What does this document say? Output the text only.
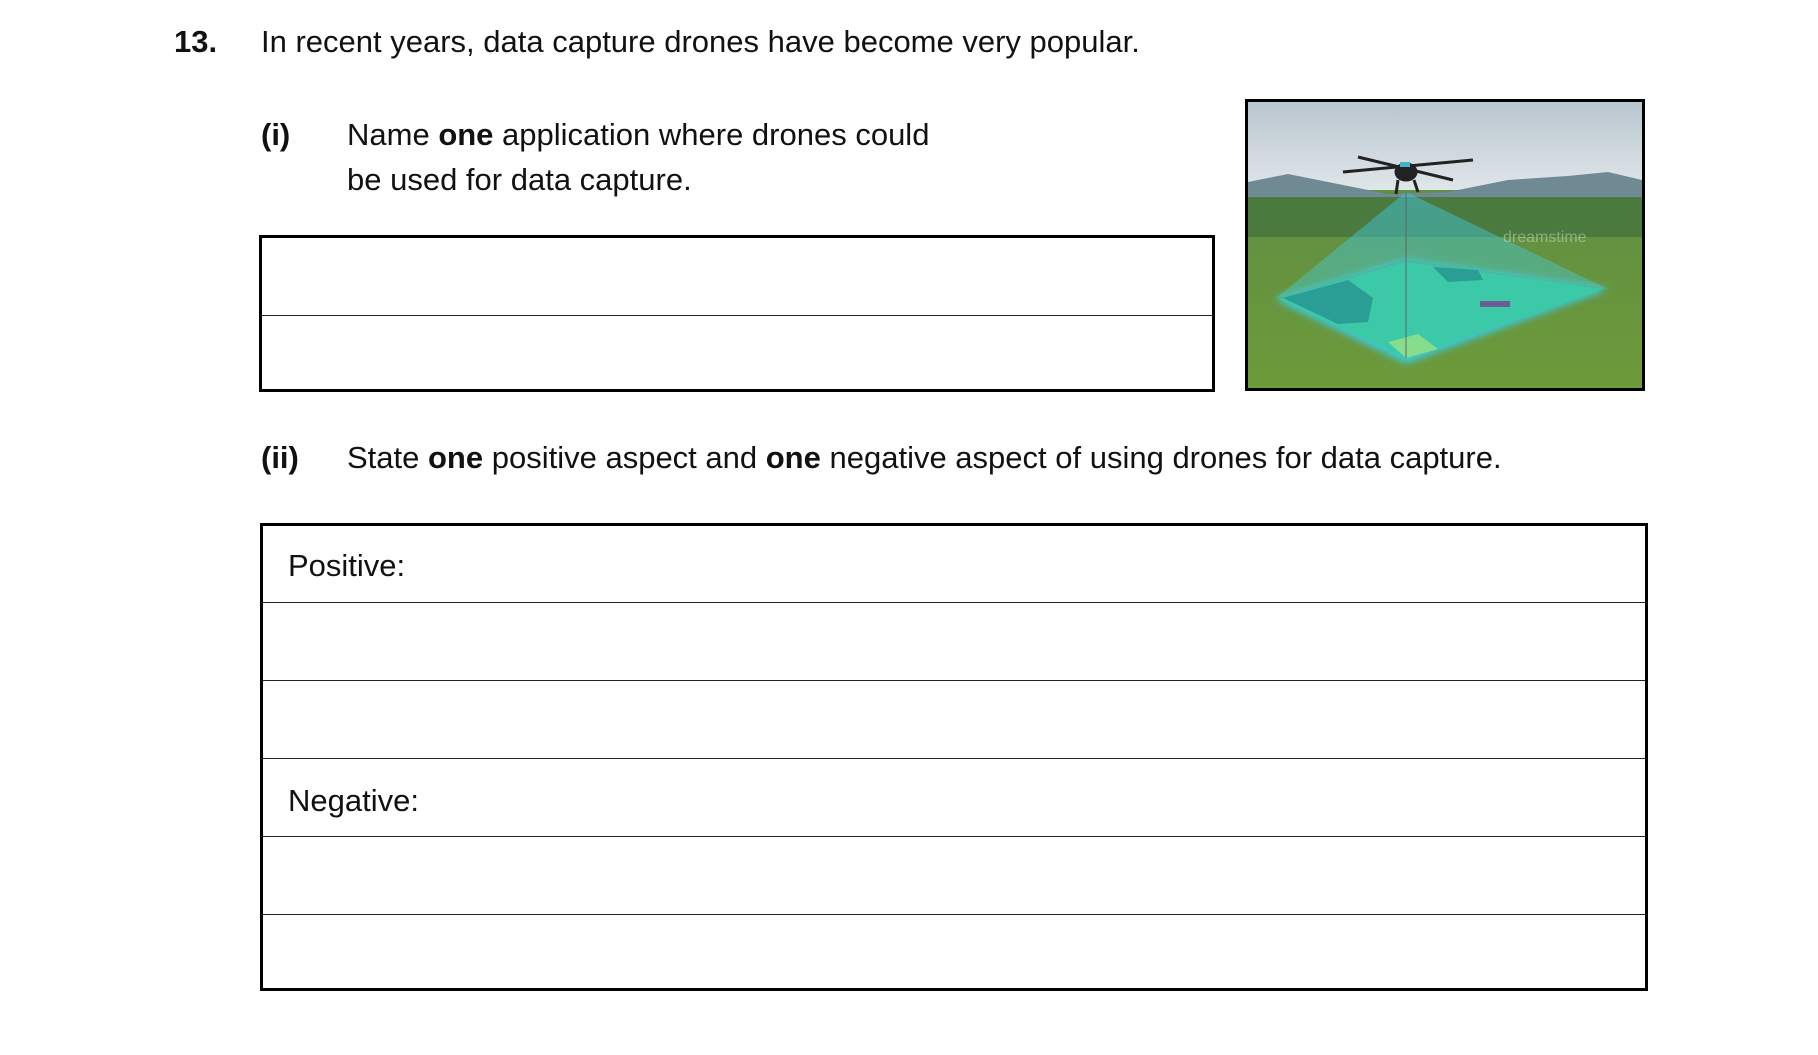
13. In recent years, data capture drones have become very popular.
(i) Name one application where drones could
be used for data capture.
dreamstime
(ii) State one positive aspect and one negative aspect of using drones for data capture.
Positive:
Negative:
